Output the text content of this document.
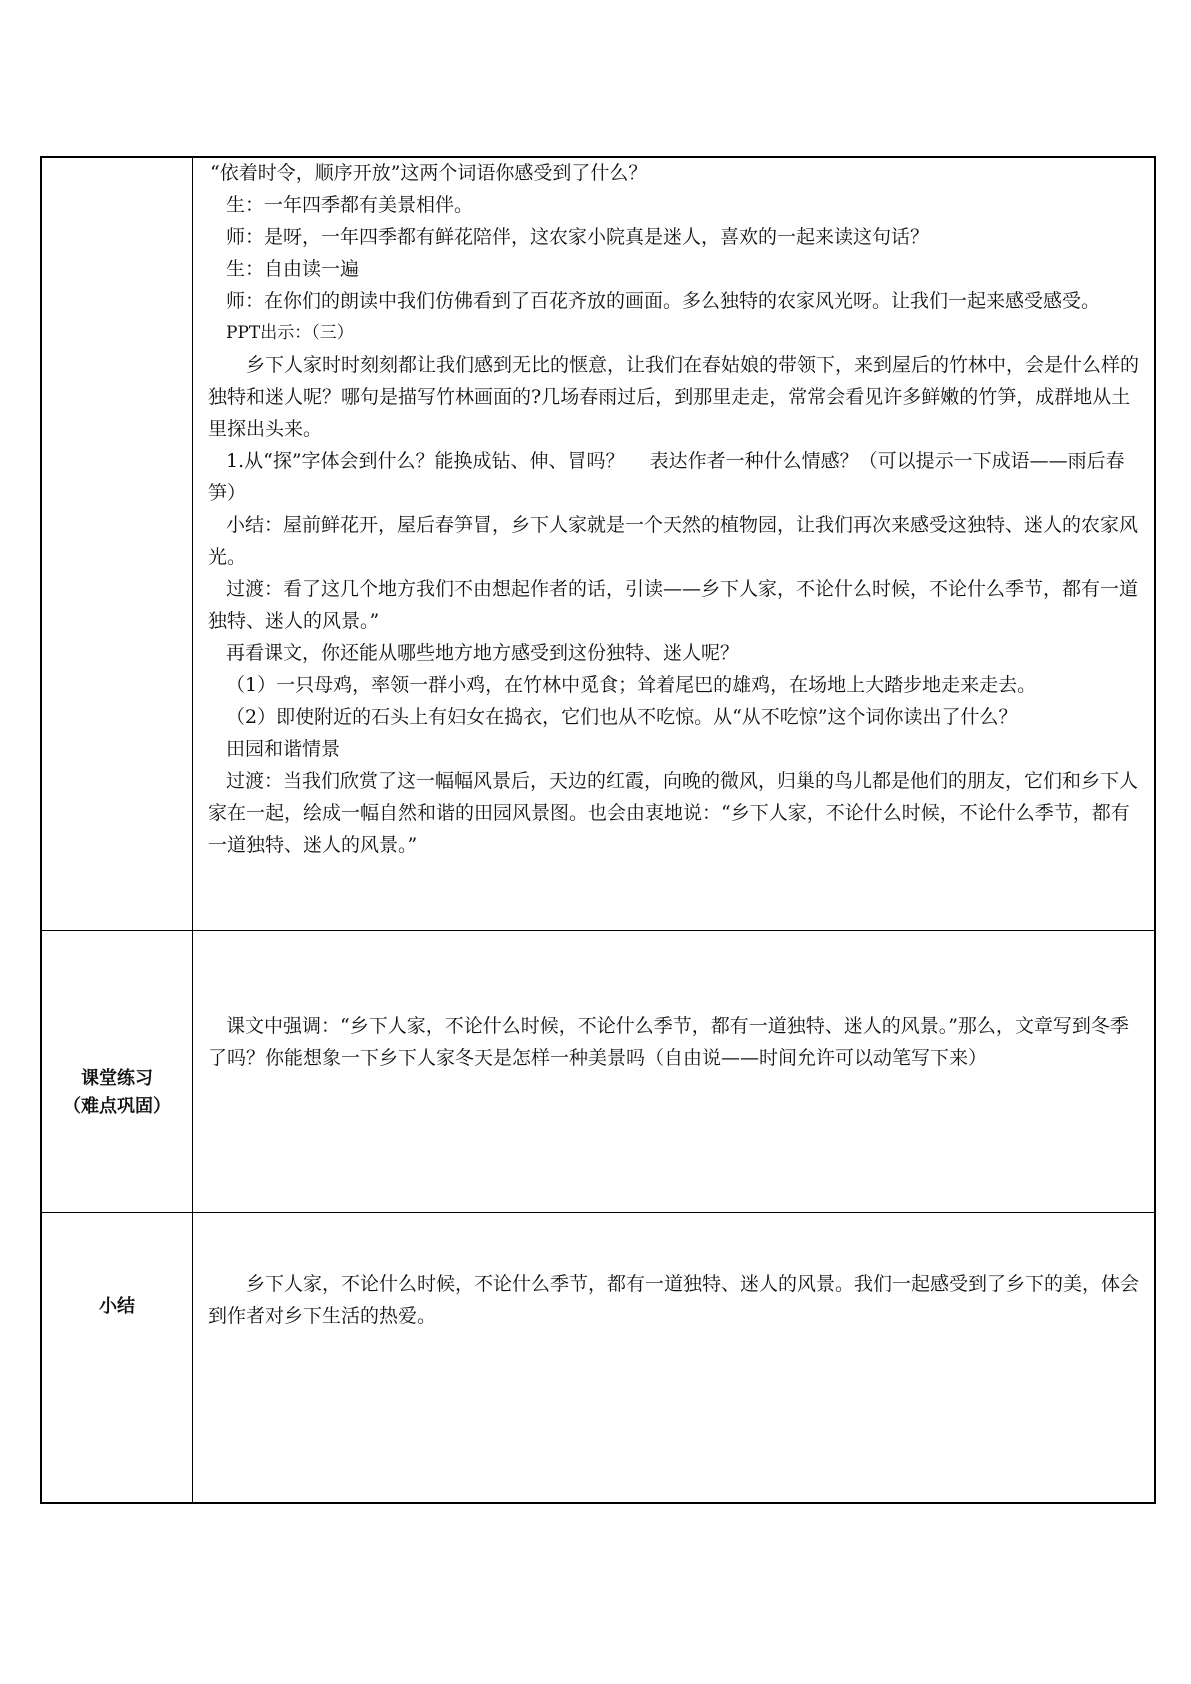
“依着时令，顺序开放”这两个词语你感受到了什么？

生：一年四季都有美景相伴。

师：是呀，一年四季都有鲜花陪伴，这农家小院真是迷人，喜欢的一起来读这句话？

生：自由读一遍

师：在你们的朗读中我们仿佛看到了百花齐放的画面。多么独特的农家风光呀。让我们一起来感受感受。

PPT出示：（三）

乡下人家时时刻刻都让我们感到无比的惬意，让我们在春姑娘的带领下，来到屋后的竹林中，会是什么样的独特和迷人呢？哪句是描写竹林画面的?几场春雨过后，到那里走走，常常会看见许多鲜嫩的竹笋，成群地从土里探出头来。

1.从“探”字体会到什么？能换成钻、伸、冒吗？　 表达作者一种什么情感？（可以提示一下成语——雨后春笋）

小结：屋前鲜花开，屋后春笋冒，乡下人家就是一个天然的植物园，让我们再次来感受这独特、迷人的农家风光。

过渡：看了这几个地方我们不由想起作者的话，引读——乡下人家，不论什么时候，不论什么季节，都有一道独特、迷人的风景。”

再看课文，你还能从哪些地方地方感受到这份独特、迷人呢？

（1）一只母鸡，率领一群小鸡，在竹林中觅食；耸着尾巴的雄鸡，在场地上大踏步地走来走去。

（2）即使附近的石头上有妇女在捣衣，它们也从不吃惊。从“从不吃惊”这个词你读出了什么？

田园和谐情景

过渡：当我们欣赏了这一幅幅风景后，天边的红霞，向晚的微风，归巢的鸟儿都是他们的朋友，它们和乡下人家在一起，绘成一幅自然和谐的田园风景图。也会由衷地说：“乡下人家，不论什么时候，不论什么季节，都有一道独特、迷人的风景。”

课堂练习
（难点巩固）

课文中强调：“乡下人家，不论什么时候，不论什么季节，都有一道独特、迷人的风景。”那么，文章写到冬季了吗？你能想象一下乡下人家冬天是怎样一种美景吗（自由说——时间允许可以动笔写下来）

小结

乡下人家，不论什么时候，不论什么季节，都有一道独特、迷人的风景。我们一起感受到了乡下的美，体会到作者对乡下生活的热爱。
